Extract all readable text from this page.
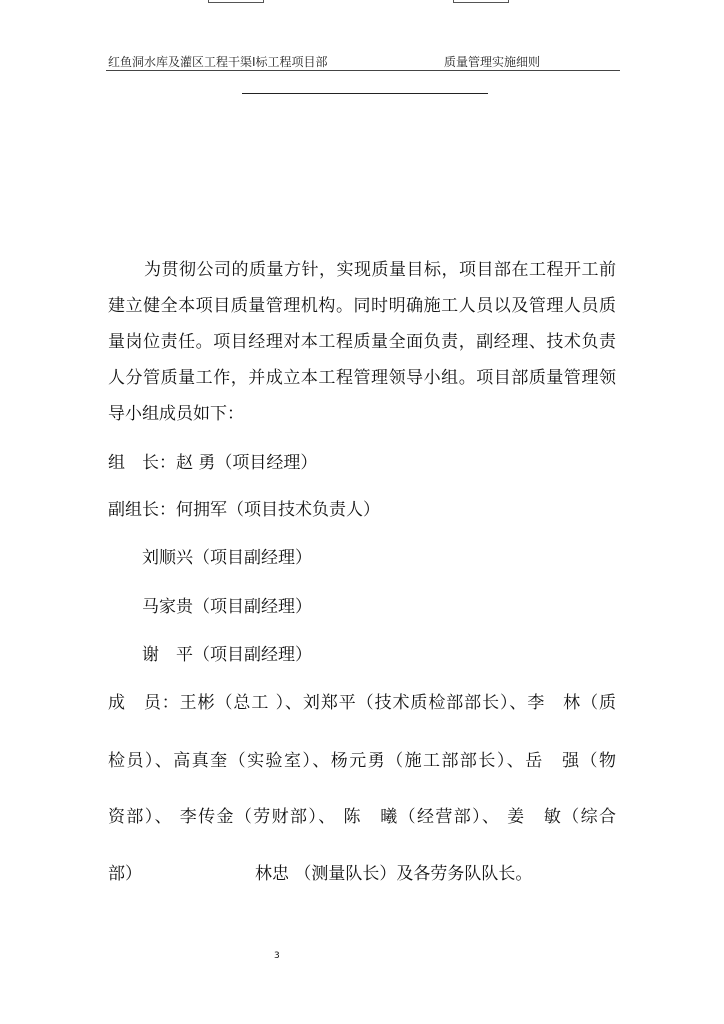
红鱼洞水库及灌区工程干渠Ⅰ标工程项目部	质量管理实施细则

为贯彻公司的质量方针，实现质量目标，项目部在工程开工前建立健全本项目质量管理机构。同时明确施工人员以及管理人员质量岗位责任。项目经理对本工程质量全面负责，副经理、技术负责人分管质量工作，并成立本工程管理领导小组。项目部质量管理领导小组成员如下：

组　长：赵 勇（项目经理）

副组长：何拥军（项目技术负责人）

刘顺兴（项目副经理）

马家贵（项目副经理）

谢　平（项目副经理）

成　员：王彬（总工 ）、刘郑平（技术质检部部长）、李　林（质

检员）、高真奎（实验室）、杨元勇（施工部部长）、岳　强（物

资部）、 李传金（劳财部）、 陈　曦（经营部）、 姜　敏（综合

部）	林忠 （测量队长）及各劳务队队长。

3
